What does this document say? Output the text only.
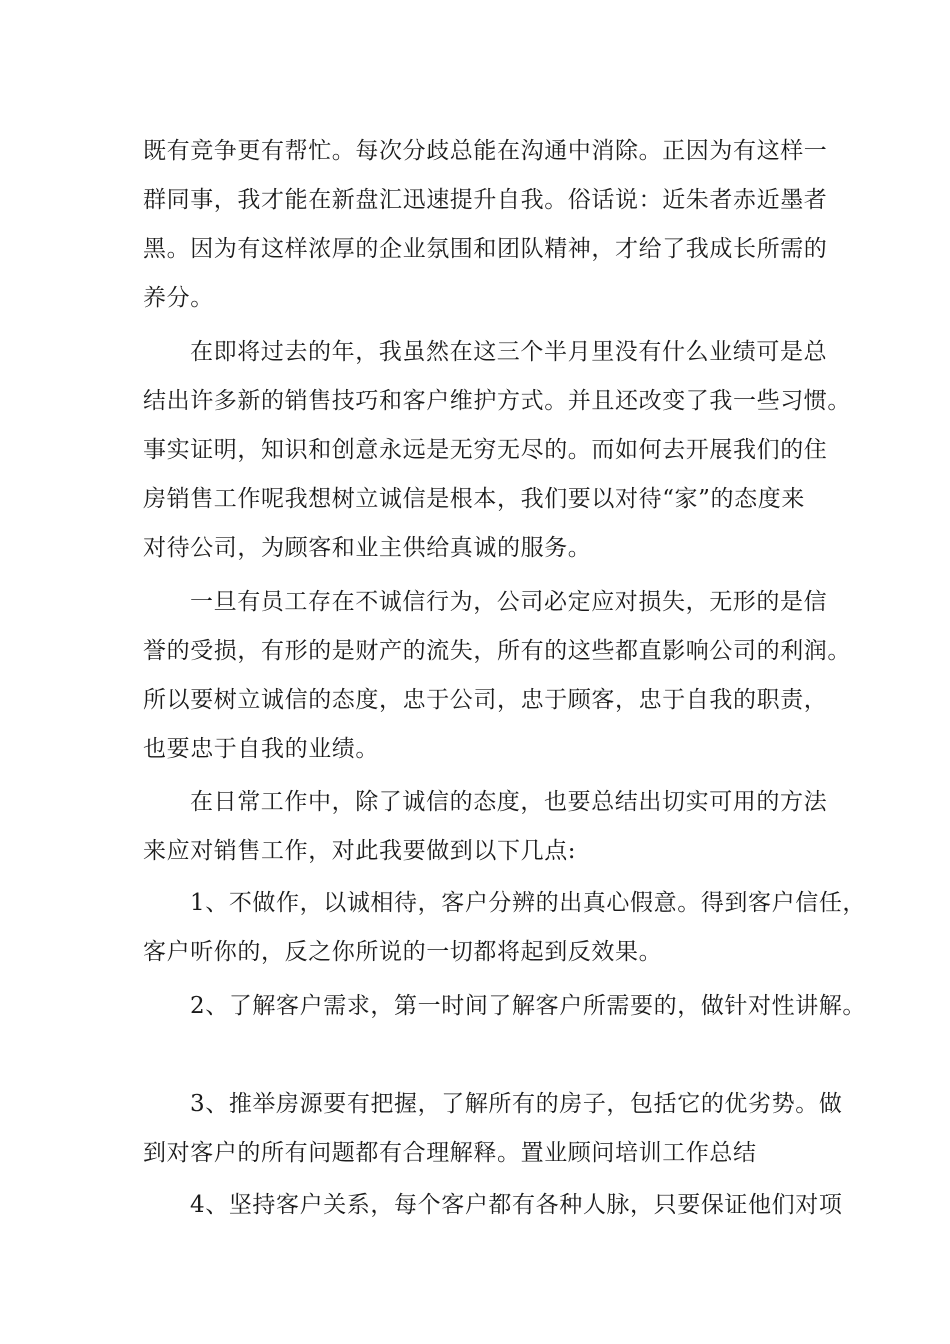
既有竞争更有帮忙。每次分歧总能在沟通中消除。正因为有这样一
群同事，我才能在新盘汇迅速提升自我。俗话说：近朱者赤近墨者
黑。因为有这样浓厚的企业氛围和团队精神，才给了我成长所需的
养分。
在即将过去的年，我虽然在这三个半月里没有什么业绩可是总
结出许多新的销售技巧和客户维护方式。并且还改变了我一些习惯。
事实证明，知识和创意永远是无穷无尽的。而如何去开展我们的住
房销售工作呢我想树立诚信是根本，我们要以对待“家”的态度来
对待公司，为顾客和业主供给真诚的服务。
一旦有员工存在不诚信行为，公司必定应对损失，无形的是信
誉的受损，有形的是财产的流失，所有的这些都直影响公司的利润。
所以要树立诚信的态度，忠于公司，忠于顾客，忠于自我的职责，
也要忠于自我的业绩。
在日常工作中，除了诚信的态度，也要总结出切实可用的方法
来应对销售工作，对此我要做到以下几点:
1、不做作，以诚相待，客户分辨的出真心假意。得到客户信任，
客户听你的，反之你所说的一切都将起到反效果。
2、了解客户需求，第一时间了解客户所需要的，做针对性讲解。
3、推举房源要有把握，了解所有的房子，包括它的优劣势。做
到对客户的所有问题都有合理解释。置业顾问培训工作总结
4、坚持客户关系，每个客户都有各种人脉，只要保证他们对项
